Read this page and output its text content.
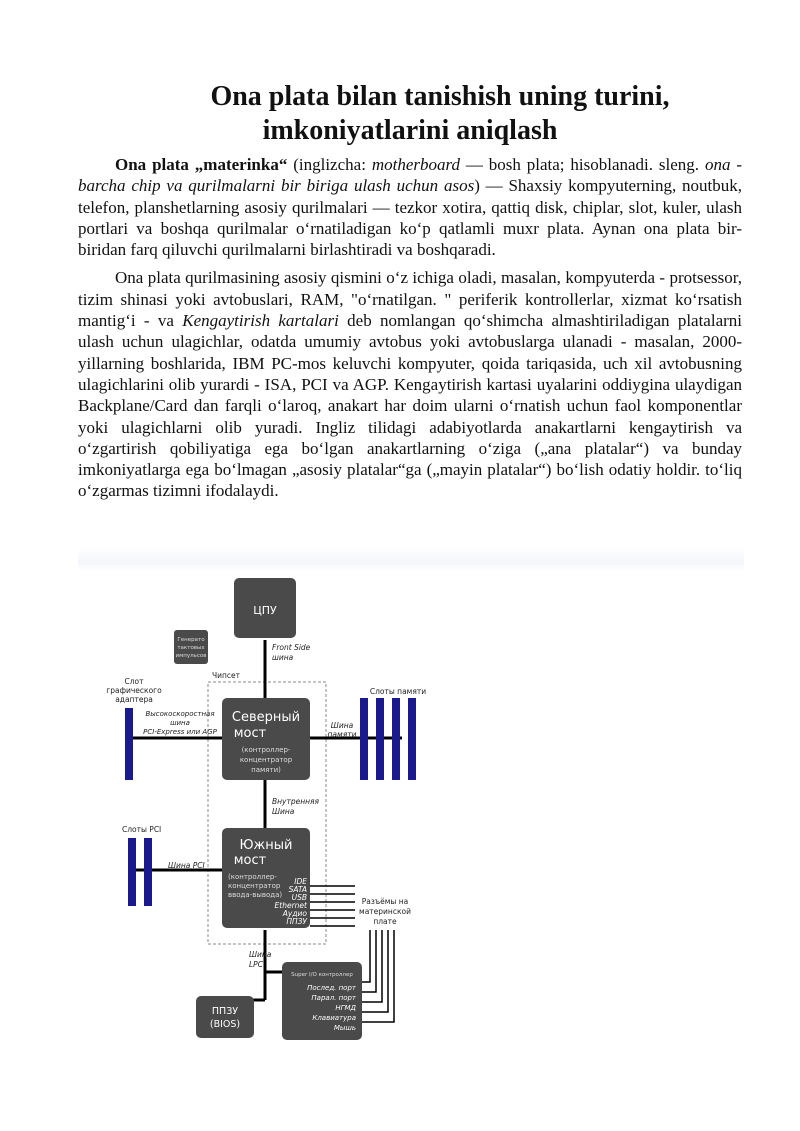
Ona plata bilan tanishish uning turini,
imkoniyatlarini aniqlash

Ona plata „materinka“ (inglizcha: motherboard — bosh plata; hisoblanadi. sleng. ona - barcha chip va qurilmalarni bir biriga ulash uchun asos) — Shaxsiy kompyuterning, noutbuk, telefon, planshetlarning asosiy qurilmalari — tezkor xotira, qattiq disk, chiplar, slot, kuler, ulash portlari va boshqa qurilmalar o‘rnatiladigan ko‘p qatlamli muxr plata. Aynan ona plata bir-biridan farq qiluvchi qurilmalarni birlashtiradi va boshqaradi.

Ona plata qurilmasining asosiy qismini o‘z ichiga oladi, masalan, kompyuterda - protsessor, tizim shinasi yoki avtobuslari, RAM, "o‘rnatilgan. " periferik kontrollerlar, xizmat ko‘rsatish mantig‘i - va Kengaytirish kartalari deb nomlangan qo‘shimcha almashtiriladigan platalarni ulash uchun ulagichlar, odatda umumiy avtobus yoki avtobuslarga ulanadi - masalan, 2000-yillarning boshlarida, IBM PC-mos keluvchi kompyuter, qoida tariqasida, uch xil avtobusning ulagichlarini olib yurardi - ISA, PCI va AGP. Kengaytirish kartasi uyalarini oddiygina ulaydigan Backplane/Card dan farqli o‘laroq, anakart har doim ularni o‘rnatish uchun faol komponentlar yoki ulagichlarni olib yuradi. Ingliz tilidagi adabiyotlarda anakartlarni kengaytirish va o‘zgartirish qobiliyatiga ega bo‘lgan anakartlarning o‘ziga („ana platalar“) va bunday imkoniyatlarga ega bo‘lmagan „asosiy platalar“ga („mayin platalar“) bo‘lish odatiy holdir. to‘liq o‘zgarmas tizimni ifodalaydi.

ЦПУ
Генерато
тактовых
импульсов
Front Side
шина
Чипсет
Слот
графического
адаптера
Высокоскоростная
шина
PCI-Express или AGP
Северный
мост
(контроллер-
концентратор
памяти)
Шина
памяти
Слоты памяти
Внутренняя
Шина
Слоты PCI
Шина PCI
Южный
мост
(контроллер-
концентратор
ввода-вывода)
IDE
SATA
USB
Ethernet
Аудио
ППЗУ
Разъёмы на
материнской
плате
Шина
LPC
Super I/O контроллер
Послед. порт
Парал. порт
НГМД
Клавиатура
Мышь
ППЗУ
(BIOS)
